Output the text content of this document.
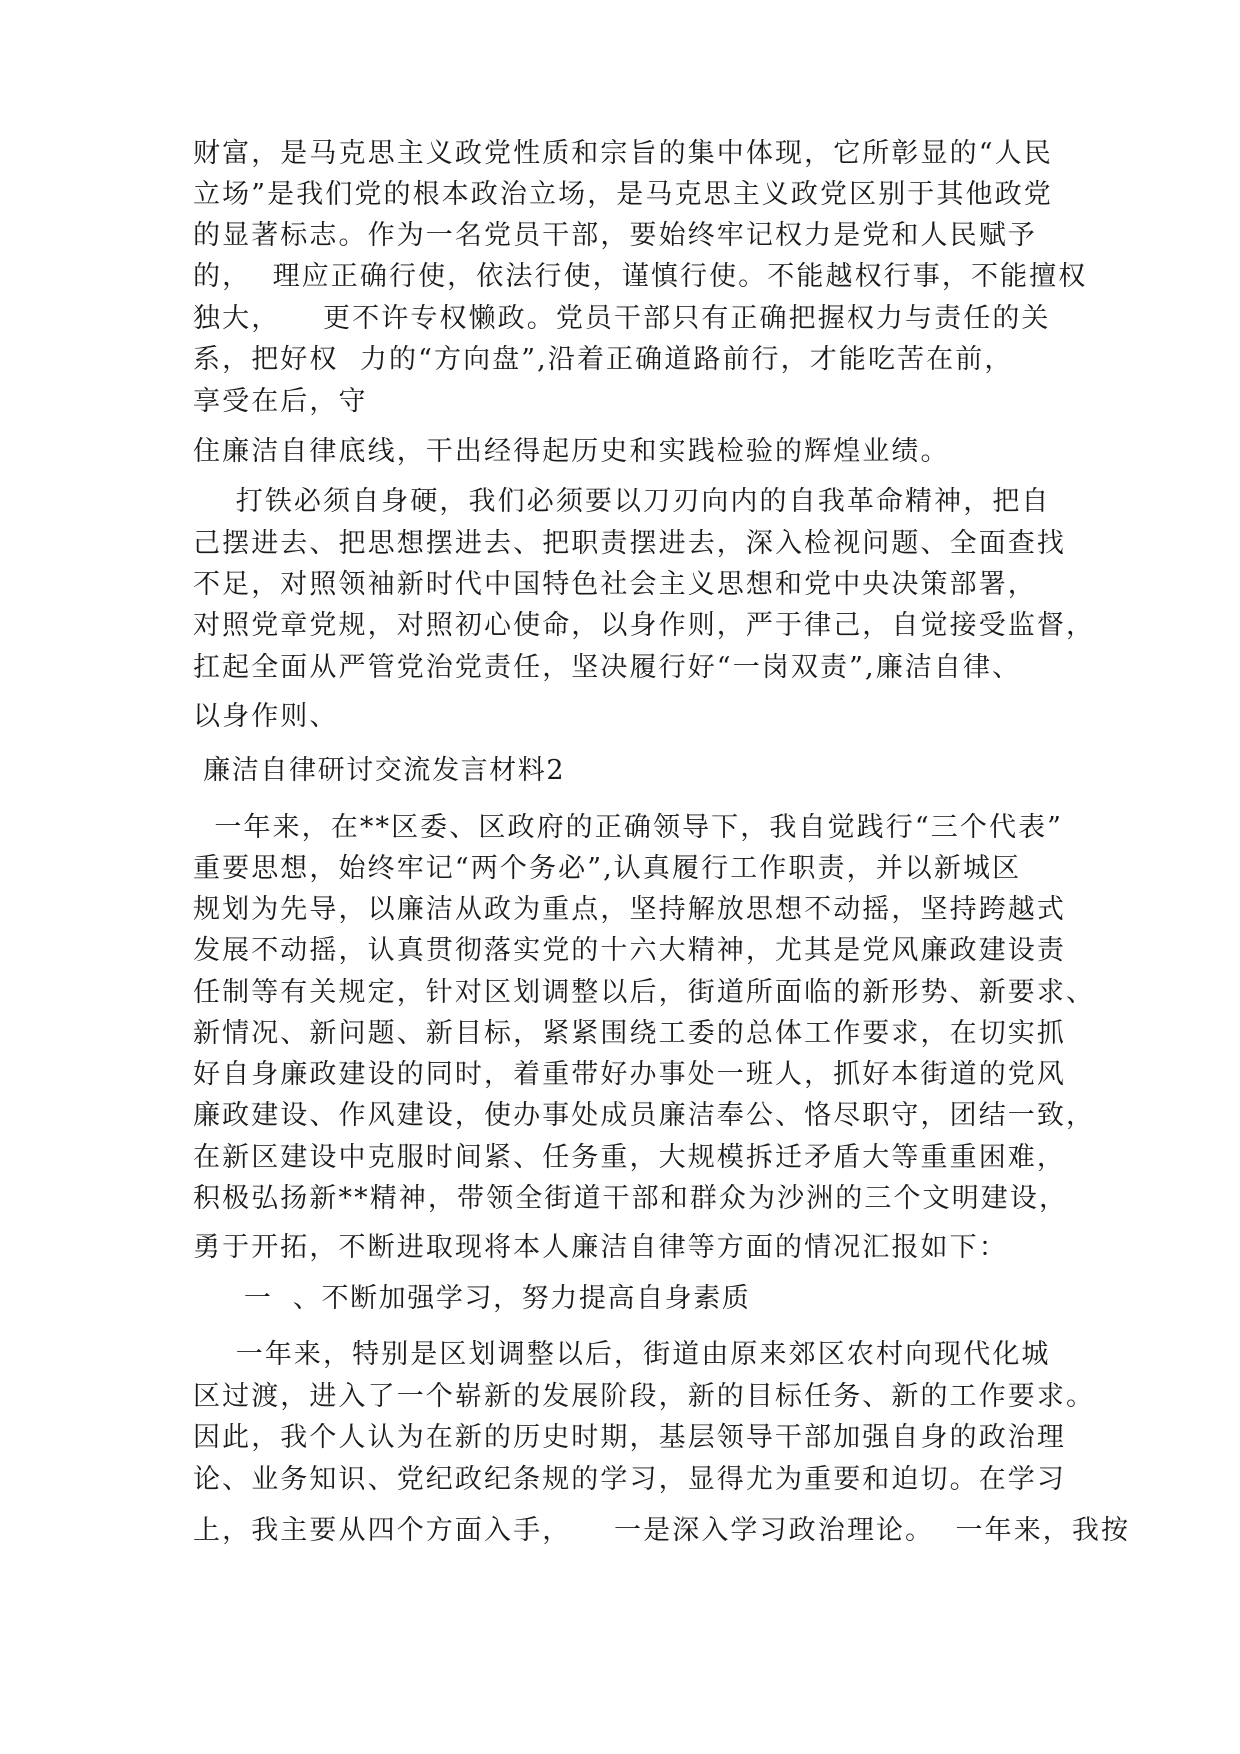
财富，是马克思主义政党性质和宗旨的集中体现，它所彰显的“人民
立场”是我们党的根本政治立场，是马克思主义政党区别于其他政党
的显著标志。作为一名党员干部，要始终牢记权力是党和人民赋予
的，  理应正确行使，依法行使，谨慎行使。不能越权行事，不能擅权
独大，    更不许专权懒政。党员干部只有正确把握权力与责任的关
系，把好权  力的“方向盘”,沿着正确道路前行，才能吃苦在前，
享受在后，守
住廉洁自律底线，干出经得起历史和实践检验的辉煌业绩。
打铁必须自身硬，我们必须要以刀刃向内的自我革命精神，把自
己摆进去、把思想摆进去、把职责摆进去，深入检视问题、全面查找
不足，对照领袖新时代中国特色社会主义思想和党中央决策部署，
对照党章党规，对照初心使命，以身作则，严于律己，自觉接受监督，
扛起全面从严管党治党责任，坚决履行好“一岗双责”,廉洁自律、
以身作则、
廉洁自律研讨交流发言材料2
一年来，在**区委、区政府的正确领导下，我自觉践行“三个代表”
重要思想，始终牢记“两个务必”,认真履行工作职责，并以新城区
规划为先导，以廉洁从政为重点，坚持解放思想不动摇，坚持跨越式
发展不动摇，认真贯彻落实党的十六大精神，尤其是党风廉政建设责
任制等有关规定，针对区划调整以后，街道所面临的新形势、新要求、
新情况、新问题、新目标，紧紧围绕工委的总体工作要求，在切实抓
好自身廉政建设的同时，着重带好办事处一班人，抓好本街道的党风
廉政建设、作风建设，使办事处成员廉洁奉公、恪尽职守，团结一致，
在新区建设中克服时间紧、任务重，大规模拆迁矛盾大等重重困难，
积极弘扬新**精神，带领全街道干部和群众为沙洲的三个文明建设，
勇于开拓，不断进取现将本人廉洁自律等方面的情况汇报如下：
一  、不断加强学习，努力提高自身素质
一年来，特别是区划调整以后，街道由原来郊区农村向现代化城
区过渡，进入了一个崭新的发展阶段，新的目标任务、新的工作要求。
因此，我个人认为在新的历史时期，基层领导干部加强自身的政治理
论、业务知识、党纪政纪条规的学习，显得尤为重要和迫切。在学习
上，我主要从四个方面入手，    一是深入学习政治理论。  一年来，我按
